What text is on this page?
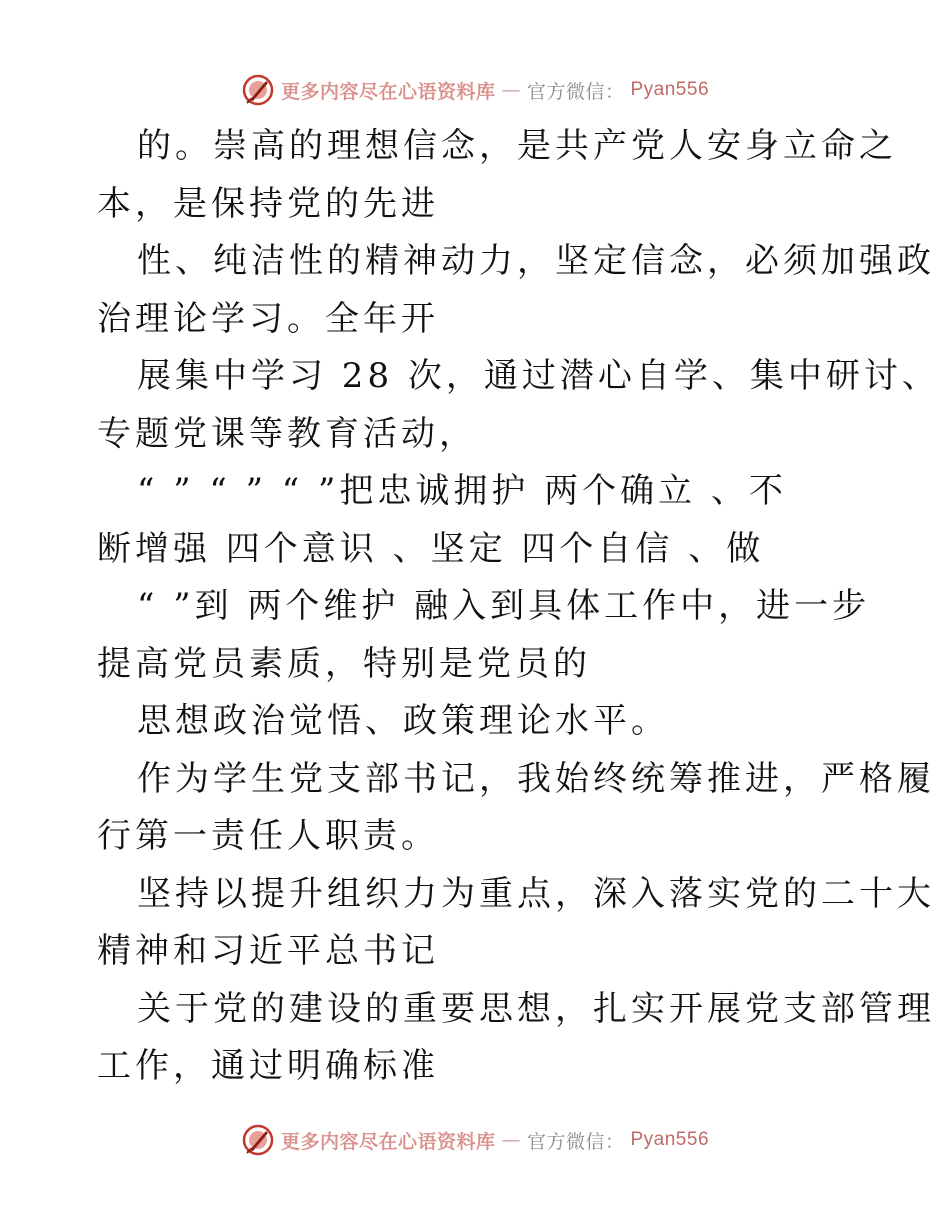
更多内容尽在心语资料库 — 官方微信： Pyan556
的。崇高的理想信念，是共产党人安身立命之
本，是保持党的先进
性、纯洁性的精神动力，坚定信念，必须加强政
治理论学习。全年开
展集中学习 28 次，通过潜心自学、集中研讨、
专题党课等教育活动，
“ ” “ ” “ ”把忠诚拥护 两个确立 、不
断增强 四个意识 、坚定 四个自信 、做
“ ”到 两个维护 融入到具体工作中，进一步
提高党员素质，特别是党员的
思想政治觉悟、政策理论水平。
作为学生党支部书记，我始终统筹推进，严格履
行第一责任人职责。
坚持以提升组织力为重点，深入落实党的二十大
精神和习近平总书记
关于党的建设的重要思想，扎实开展党支部管理
工作，通过明确标准
更多内容尽在心语资料库 — 官方微信： Pyan556
